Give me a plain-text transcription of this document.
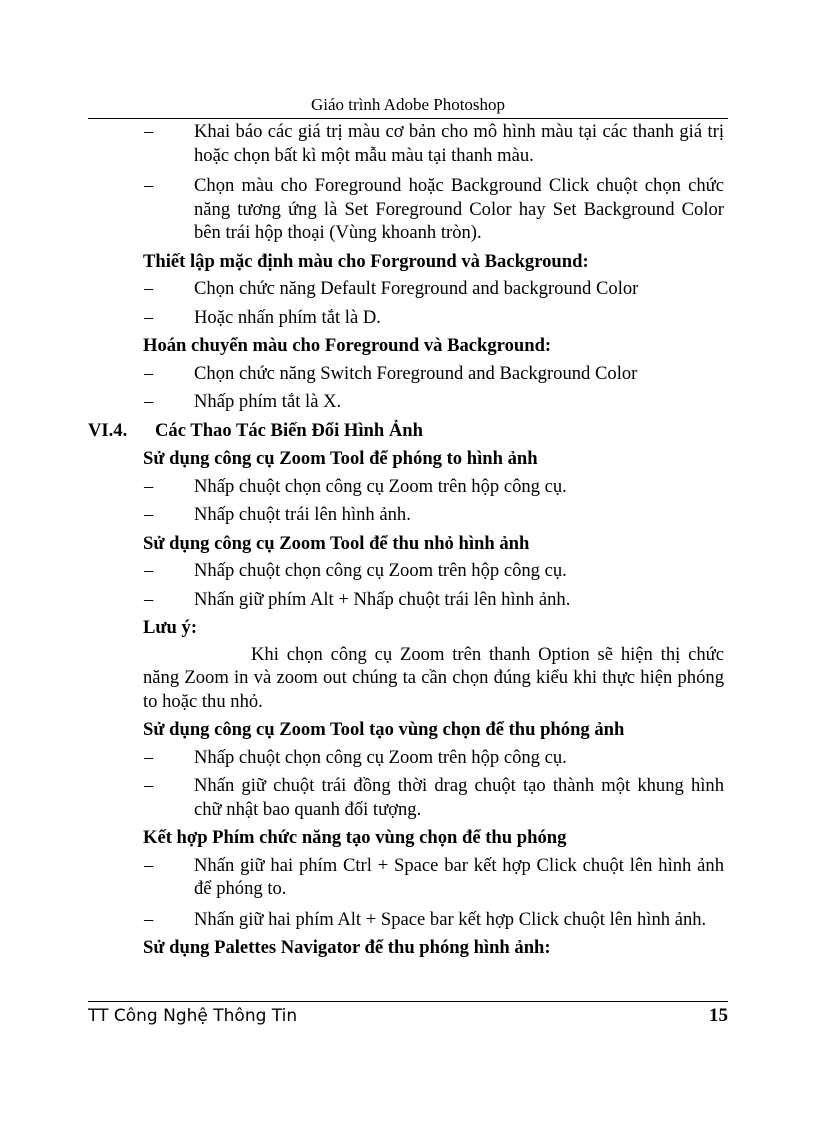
Giáo trình Adobe Photoshop
– Khai báo các giá trị màu cơ bản cho mô hình màu tại các thanh giá trị hoặc chọn bất kì một mẫu màu tại thanh màu.
– Chọn màu cho Foreground hoặc Background Click chuột chọn chức năng tương ứng là Set Foreground Color hay Set Background Color bên trái hộp thoại (Vùng khoanh tròn).
Thiết lập mặc định màu cho Forground và Background:
– Chọn chức năng Default Foreground and background Color
– Hoặc nhấn phím tắt là D.
Hoán chuyển màu cho Foreground và Background:
– Chọn chức năng Switch Foreground and Background Color
– Nhấp phím tắt là X.
VI.4. Các Thao Tác Biến Đổi Hình Ảnh
Sử dụng công cụ Zoom Tool để phóng to hình ảnh
– Nhấp chuột chọn công cụ Zoom trên hộp công cụ.
– Nhấp chuột trái lên hình ảnh.
Sử dụng công cụ Zoom Tool để thu nhỏ hình ảnh
– Nhấp chuột chọn công cụ Zoom trên hộp công cụ.
– Nhấn giữ phím Alt + Nhấp chuột trái lên hình ảnh.
Lưu ý:
Khi chọn công cụ Zoom trên thanh Option sẽ hiện thị chức năng Zoom in và zoom out chúng ta cần chọn đúng kiểu khi thực hiện phóng to hoặc thu nhỏ.
Sử dụng công cụ Zoom Tool tạo vùng chọn để thu phóng ảnh
– Nhấp chuột chọn công cụ Zoom trên hộp công cụ.
– Nhấn giữ chuột trái đồng thời drag chuột tạo thành một khung hình chữ nhật bao quanh đối tượng.
Kết hợp Phím chức năng tạo vùng chọn để thu phóng
– Nhấn giữ hai phím Ctrl + Space bar kết hợp Click chuột lên hình ảnh để phóng to.
– Nhấn giữ hai phím Alt + Space bar kết hợp Click chuột lên hình ảnh.
Sử dụng Palettes Navigator để thu phóng hình ảnh:
TT Công Nghệ Thông Tin	15
